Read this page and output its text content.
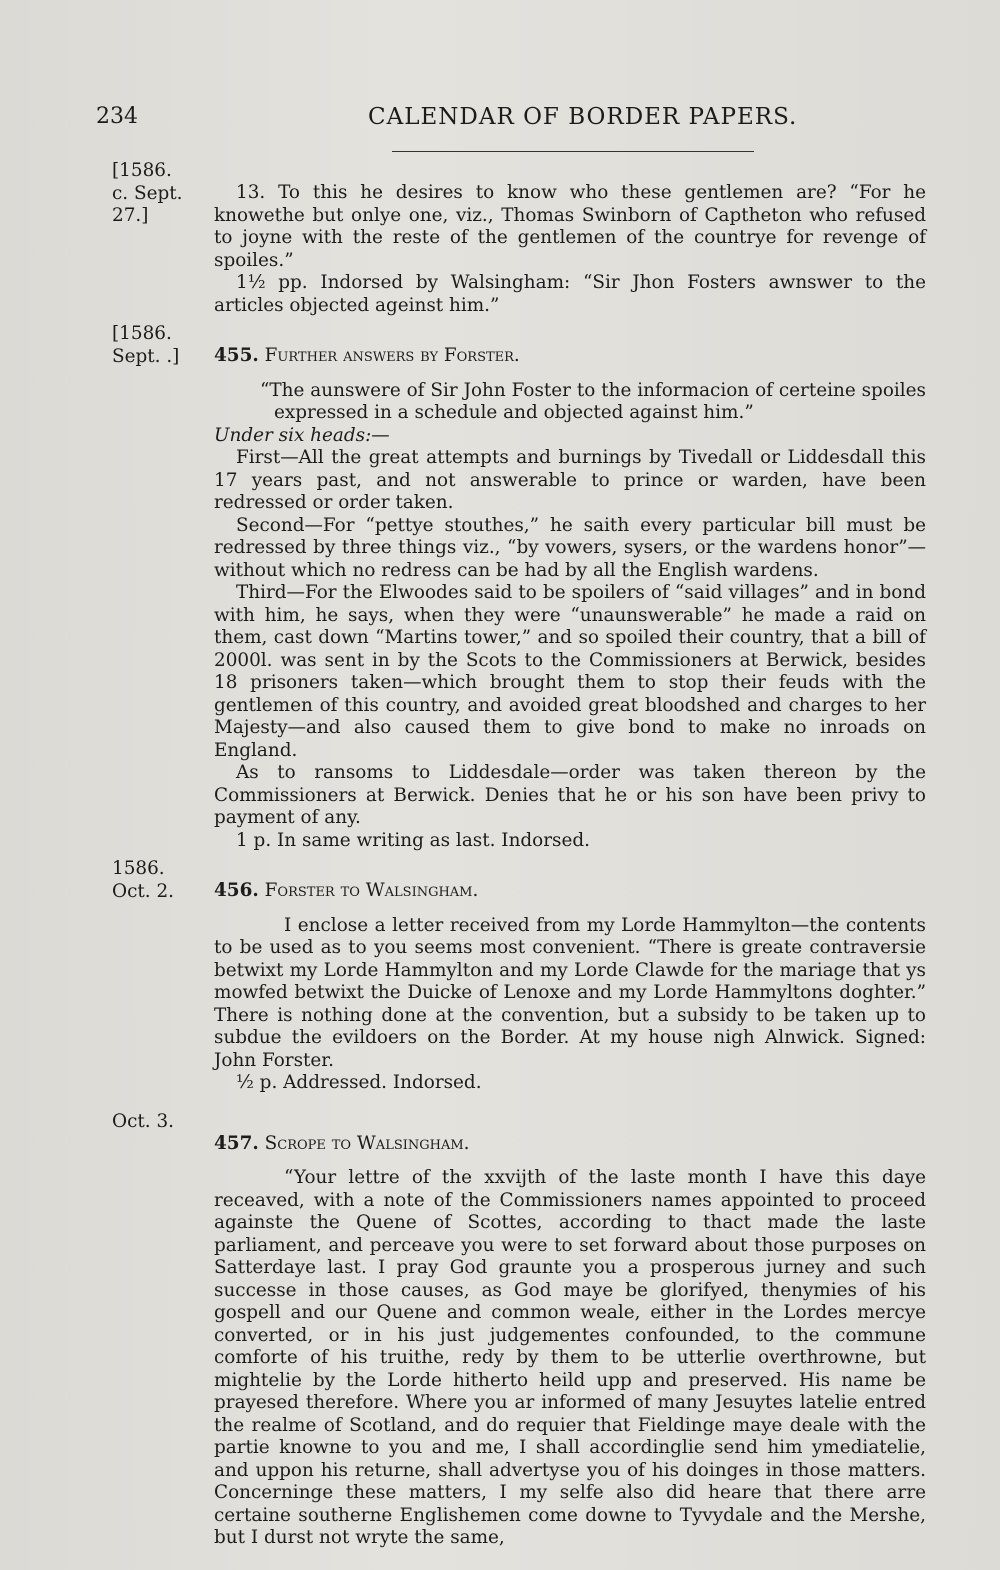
234	CALENDAR OF BORDER PAPERS.
[1586.
c. Sept. 27.]

13. To this he desires to know who these gentlemen are? “For he knowethe but onlye one, viz., Thomas Swinborn of Captheton who refused to joyne with the reste of the gentlemen of the countrye for revenge of spoiles.”

1½ pp. Indorsed by Walsingham: “Sir Jhon Fosters awnswer to the articles objected ageinst him.”

[1586.
Sept. .]	455. Further answers by Forster.

“The aunswere of Sir John Foster to the informacion of certeine spoiles expressed in a schedule and objected against him.”

Under six heads:—

First—All the great attempts and burnings by Tivedall or Liddesdall this 17 years past, and not answerable to prince or warden, have been redressed or order taken.

Second—For “pettye stouthes,” he saith every particular bill must be redressed by three things viz., “by vowers, sysers, or the wardens honor”—without which no redress can be had by all the English wardens.

Third—For the Elwoodes said to be spoilers of “said villages” and in bond with him, he says, when they were “unaunswerable” he made a raid on them, cast down “Martins tower,” and so spoiled their country, that a bill of 2000l. was sent in by the Scots to the Commissioners at Berwick, besides 18 prisoners taken—which brought them to stop their feuds with the gentlemen of this country, and avoided great bloodshed and charges to her Majesty—and also caused them to give bond to make no inroads on England.

As to ransoms to Liddesdale—order was taken thereon by the Commissioners at Berwick. Denies that he or his son have been privy to payment of any.

1 p. In same writing as last. Indorsed.

1586.
Oct. 2.	456. Forster to Walsingham.

I enclose a letter received from my Lorde Hammylton—the contents to be used as to you seems most convenient. “There is greate contraversie betwixt my Lorde Hammylton and my Lorde Clawde for the mariage that ys mowfed betwixt the Duicke of Lenoxe and my Lorde Hammyltons doghter.” There is nothing done at the convention, but a subsidy to be taken up to subdue the evildoers on the Border. At my house nigh Alnwick. Signed: John Forster.

½ p. Addressed. Indorsed.

Oct. 3.

457. Scrope to Walsingham.

“Your lettre of the xxvijth of the laste month I have this daye receaved, with a note of the Commissioners names appointed to proceed againste the Quene of Scottes, according to thact made the laste parliament, and perceave you were to set forward about those purposes on Satterdaye last. I pray God graunte you a prosperous jurney and such successe in those causes, as God maye be glorifyed, thenymies of his gospell and our Quene and common weale, either in the Lordes mercye converted, or in his just judgementes confounded, to the commune comforte of his truithe, redy by them to be utterlie overthrowne, but mightelie by the Lorde hitherto heild upp and preserved. His name be prayesed therefore. Where you ar informed of many Jesuytes latelie entred the realme of Scotland, and do requier that Fieldinge maye deale with the partie knowne to you and me, I shall accordinglie send him ymediatelie, and uppon his returne, shall advertyse you of his doinges in those matters. Concerninge these matters, I my selfe also did heare that there arre certaine southerne Englishemen come downe to Tyvydale and the Mershe, but I durst not wryte the same,
